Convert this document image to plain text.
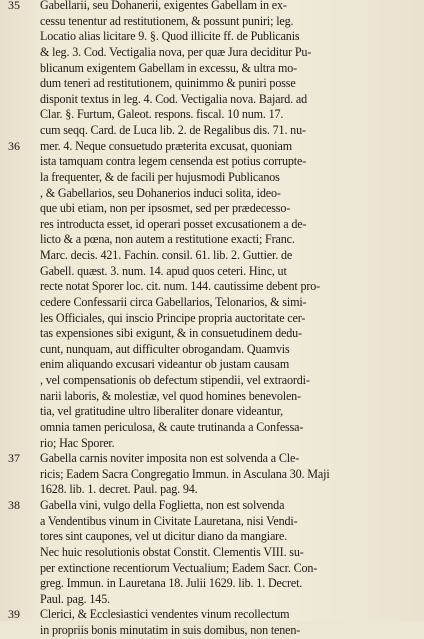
35 Gabellarii, seu Dohanerii, exigentes Gabellam in ex-
cessu tenentur ad restitutionem, & possunt puniri; leg.
Locatio alias licitare 9. §. Quod illicite ff. de Publicanis
& leg. 3. Cod. Vectigalia nova, per quæ Jura deciditur Pu-
blicanum exigentem Gabellam in excessu, & ultra mo-
dum teneri ad restitutionem, quinimmo & puniri posse
disponit textus in leg. 4. Cod. Vectigalia nova. Bajard. ad
Clar. §. Furtum, Galeot. respons. fiscal. 10 num. 17.
cum seqq. Card. de Luca lib. 2. de Regalibus dis. 71. nu-
36 mer. 4. Neque consuetudo præterita excusat, quoniam
ista tamquam contra legem censenda est potius corrupte-
la frequenter, & de facili per hujusmodi Publicanos
, & Gabellarios, seu Dohanerios induci solita, ideo-
que ubi etiam, non per ipsosmet, sed per prædecesso-
res introducta esset, id operari posset excusationem a de-
licto & a pœna, non autem a restitutione exacti; Franc.
Marc. decis. 421. Fachin. consil. 61. lib. 2. Guttier. de
Gabell. quæst. 3. num. 14. apud quos ceteri. Hinc, ut
recte notat Sporer loc. cit. num. 144. cautissime debent pro-
cedere Confessarii circa Gabellarios, Telonarios, & simi-
les Officiales, qui inscio Principe propria auctoritate cer-
tas expensiones sibi exigunt, & in consuetudinem dedu-
cunt, nunquam, aut difficulter obrogandam. Quamvis
enim aliquando excusari videantur ob justam causam
, vel compensationis ob defectum stipendii, vel extraordi-
narii laboris, & molestiæ, vel quod homines benevolen-
tia, vel gratitudine ultro liberaliter donare videantur,
omnia tamen periculosa, & caute trutinanda a Confessa-
rio; Hac Sporer.
37 Gabella carnis noviter imposita non est solvenda a Cle-
ricis; Eadem Sacra Congregatio Immun. in Asculana 30. Maji
1628. lib. 1. decret. Paul. pag. 94.
38 Gabella vini, vulgo della Foglietta, non est solvenda
a Vendentibus vinum in Civitate Lauretana, nisi Vendi-
tores sint caupones, vel ut dicitur diano da mangiare.
Nec huic resolutionis obstat Constit. Clementis VIII. su-
per extinctione recentiorum Vectualium; Eadem Sacr. Con-
greg. Immun. in Lauretana 18. Julii 1629. lib. 1. Decret.
Paul. pag. 145.
39 Clerici, & Ecclesiastici vendentes vinum recollectum
in propriis bonis minutatim in suis domibus, non tenen-
